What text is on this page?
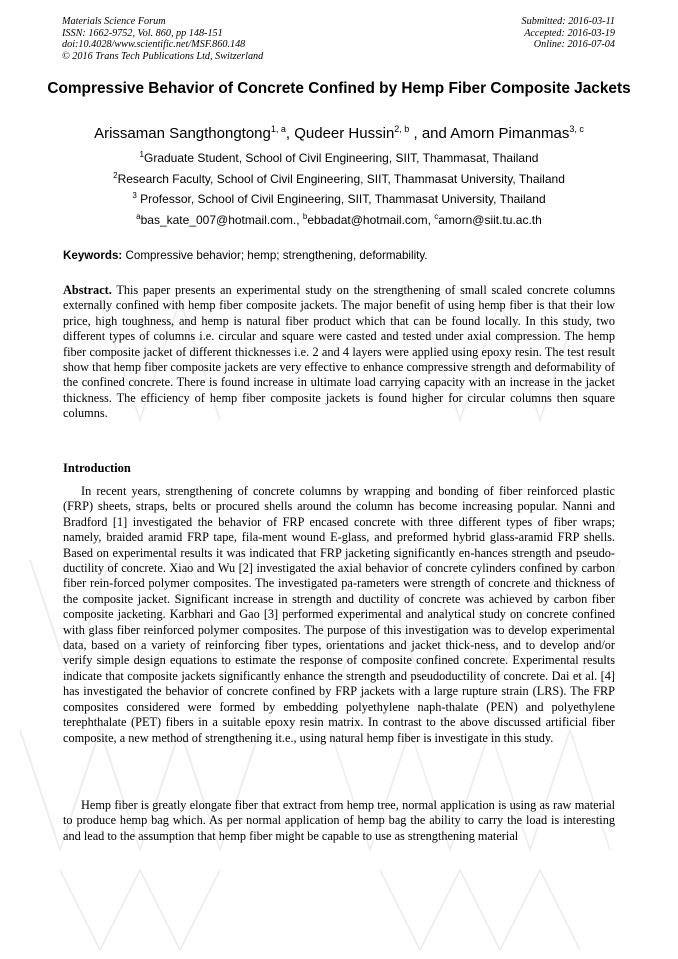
Materials Science Forum
ISSN: 1662-9752, Vol. 860, pp 148-151
doi:10.4028/www.scientific.net/MSF.860.148
© 2016 Trans Tech Publications Ltd, Switzerland
Submitted: 2016-03-11
Accepted: 2016-03-19
Online: 2016-07-04
Compressive Behavior of Concrete Confined by Hemp Fiber Composite Jackets
Arissaman Sangthongtong$^{1, a}$, Qudeer Hussin$^{2, b}$ , and Amorn Pimanmas$^{3, c}$
$^1$Graduate Student, School of Civil Engineering, SIIT, Thammasat, Thailand
$^2$Research Faculty, School of Civil Engineering, SIIT, Thammasat University, Thailand
$^3$ Professor, School of Civil Engineering, SIIT, Thammasat University, Thailand
$^a$bas_kate_007@hotmail.com., $^b$ebbadat@hotmail.com, $^c$amorn@siit.tu.ac.th
Keywords: Compressive behavior; hemp; strengthening, deformability.

Abstract. This paper presents an experimental study on the strengthening of small scaled concrete columns externally confined with hemp fiber composite jackets. The major benefit of using hemp fiber is that their low price, high toughness, and hemp is natural fiber product which that can be found locally. In this study, two different types of columns i.e. circular and square were casted and tested under axial compression. The hemp fiber composite jacket of different thicknesses i.e. 2 and 4 layers were applied using epoxy resin. The test result show that hemp fiber composite jackets are very effective to enhance compressive strength and deformability of the confined concrete. There is found increase in ultimate load carrying capacity with an increase in the jacket thickness. The efficiency of hemp fiber composite jackets is found higher for circular columns then square columns.

Introduction

In recent years, strengthening of concrete columns by wrapping and bonding of fiber reinforced plastic (FRP) sheets, straps, belts or procured shells around the column has become increasing popular. Nanni and Bradford [1] investigated the behavior of FRP encased concrete with three different types of fiber wraps; namely, braided aramid FRP tape, fila-ment wound E-glass, and preformed hybrid glass-aramid FRP shells. Based on experimental results it was indicated that FRP jacketing significantly en-hances strength and pseudo-ductility of concrete. Xiao and Wu [2] investigated the axial behavior of concrete cylinders confined by carbon fiber rein-forced polymer composites. The investigated pa-rameters were strength of concrete and thickness of the composite jacket. Significant increase in strength and ductility of concrete was achieved by carbon fiber composite jacketing. Karbhari and Gao [3] performed experimental and analytical study on concrete confined with glass fiber reinforced polymer composites. The purpose of this investigation was to develop experimental data, based on a variety of reinforcing fiber types, orientations and jacket thick-ness, and to develop and/or verify simple design equations to estimate the response of composite confined concrete. Experimental results indicate that composite jackets significantly enhance the strength and pseudoductility of concrete. Dai et al. [4] has investigated the behavior of concrete confined by FRP jackets with a large rupture strain (LRS). The FRP composites considered were formed by embedding polyethylene naph-thalate (PEN) and polyethylene terephthalate (PET) fibers in a suitable epoxy resin matrix. In contrast to the above discussed artificial fiber composite, a new method of strengthening it.e., using natural hemp fiber is investigate in this study.

Hemp fiber is greatly elongate fiber that extract from hemp tree, normal application is using as raw material to produce hemp bag which. As per normal application of hemp bag the ability to carry the load is interesting and lead to the assumption that hemp fiber might be capable to use as strengthening material
